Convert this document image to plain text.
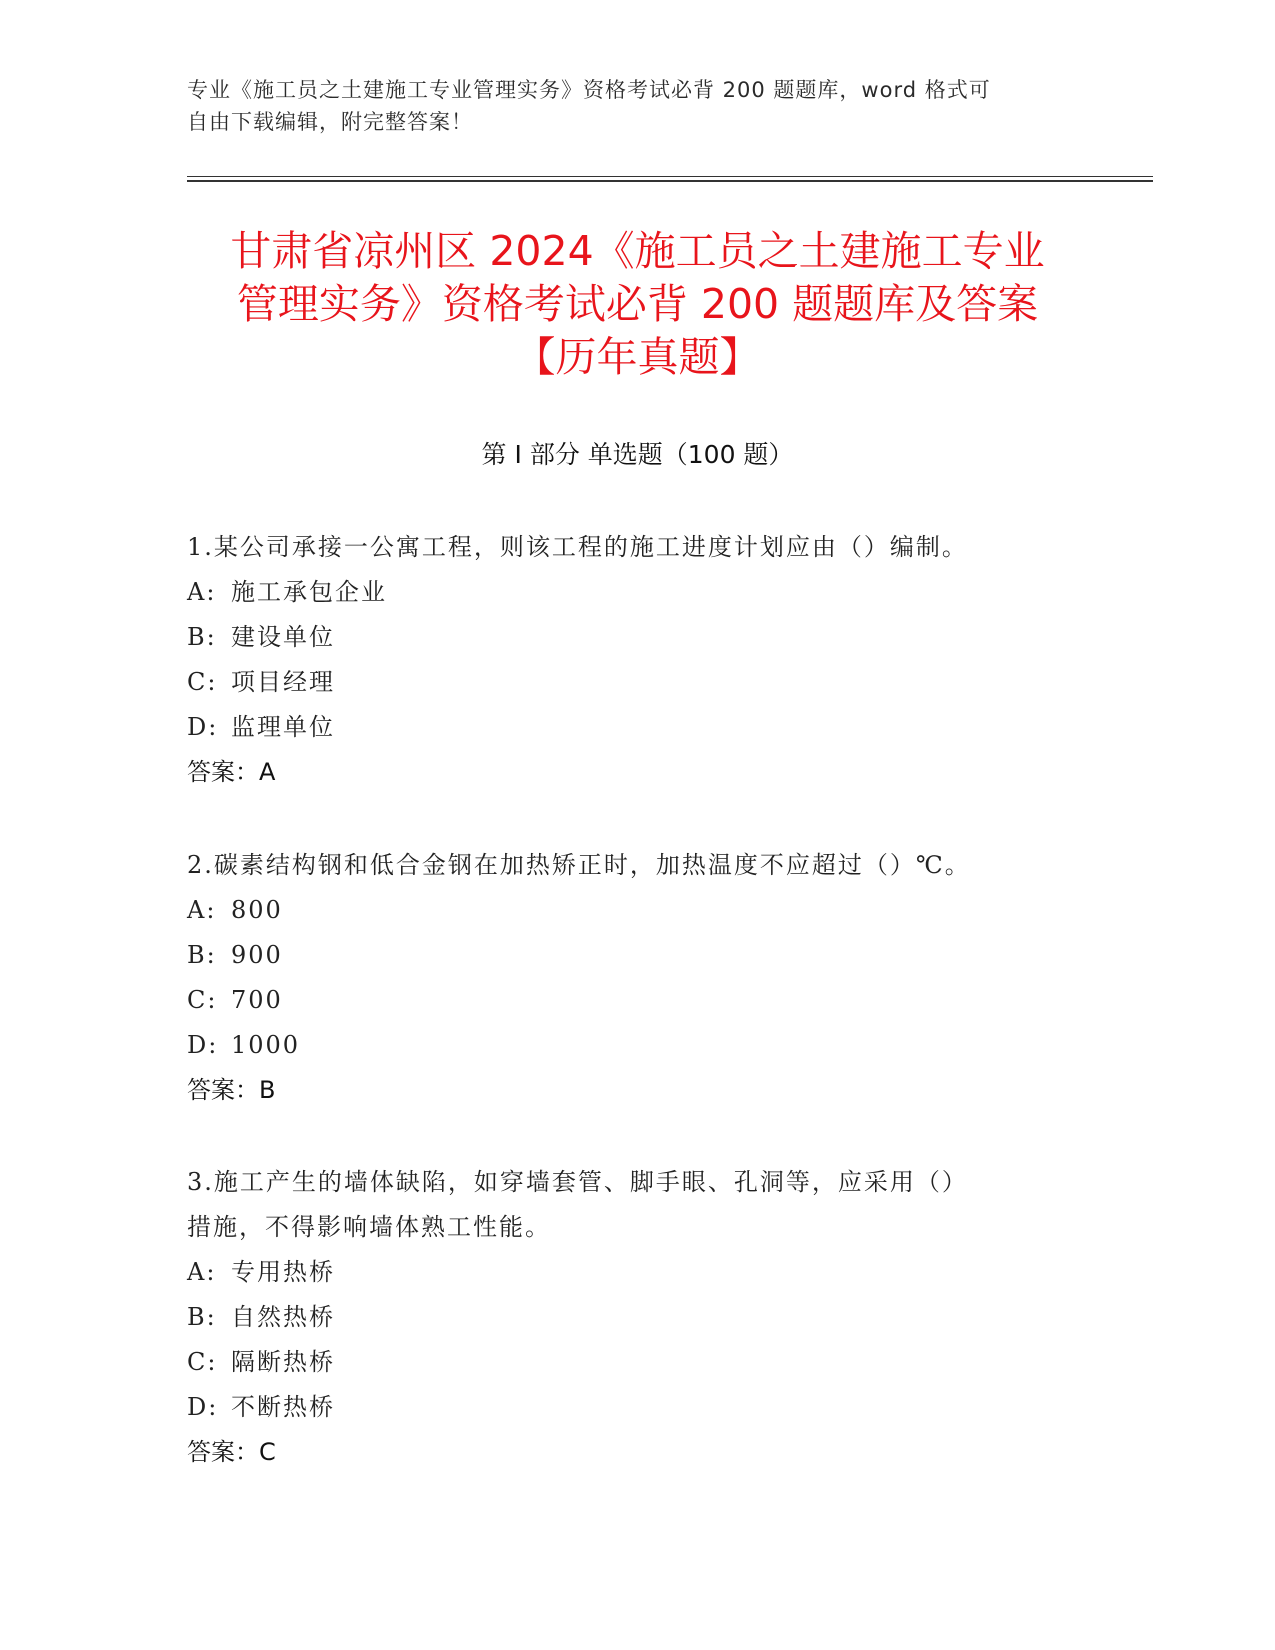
专业《施工员之土建施工专业管理实务》资格考试必背 200 题题库，word 格式可
自由下载编辑，附完整答案！
甘肃省凉州区 2024《施工员之土建施工专业
管理实务》资格考试必背 200 题题库及答案
【历年真题】
第 I 部分 单选题（100 题）
1.某公司承接一公寓工程，则该工程的施工进度计划应由（）编制。
A: 施工承包企业
B: 建设单位
C: 项目经理
D: 监理单位
答案：A
2.碳素结构钢和低合金钢在加热矫正时，加热温度不应超过（）℃。
A: 800
B: 900
C: 700
D: 1000
答案：B
3.施工产生的墙体缺陷，如穿墙套管、脚手眼、孔洞等，应采用（）
措施，不得影响墙体熟工性能。
A: 专用热桥
B: 自然热桥
C: 隔断热桥
D: 不断热桥
答案：C
